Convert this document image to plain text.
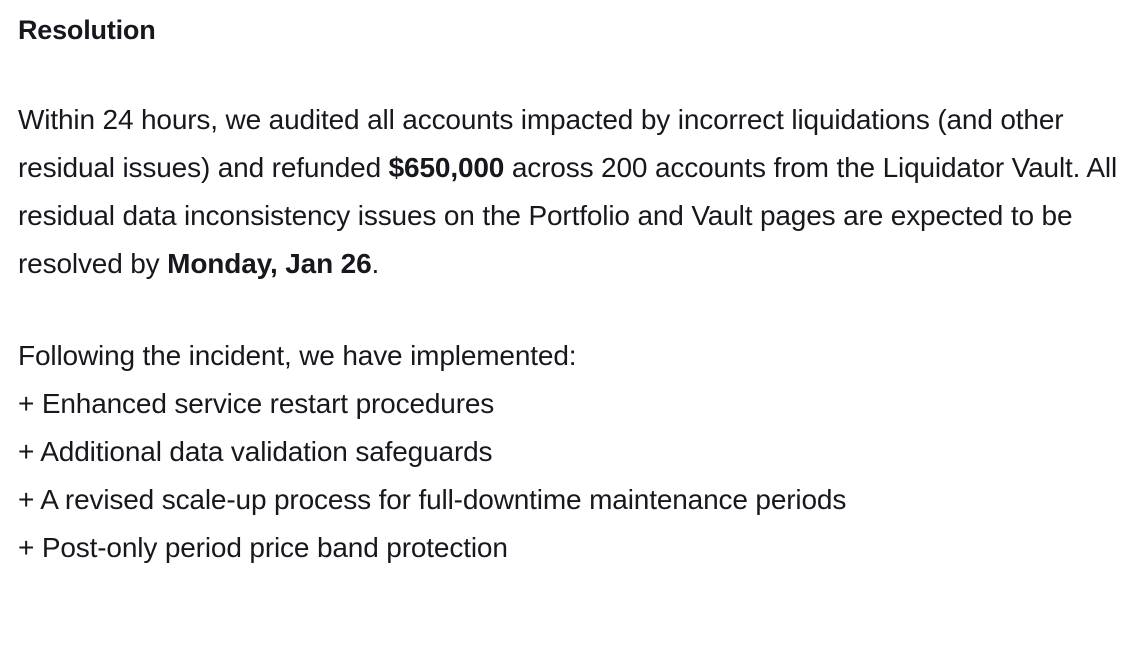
Resolution

Within 24 hours, we audited all accounts impacted by incorrect liquidations (and other residual issues) and refunded $650,000 across 200 accounts from the Liquidator Vault. All residual data inconsistency issues on the Portfolio and Vault pages are expected to be resolved by Monday, Jan 26.

Following the incident, we have implemented:

+ Enhanced service restart procedures
+ Additional data validation safeguards
+ A revised scale-up process for full-downtime maintenance periods
+ Post-only period price band protection
